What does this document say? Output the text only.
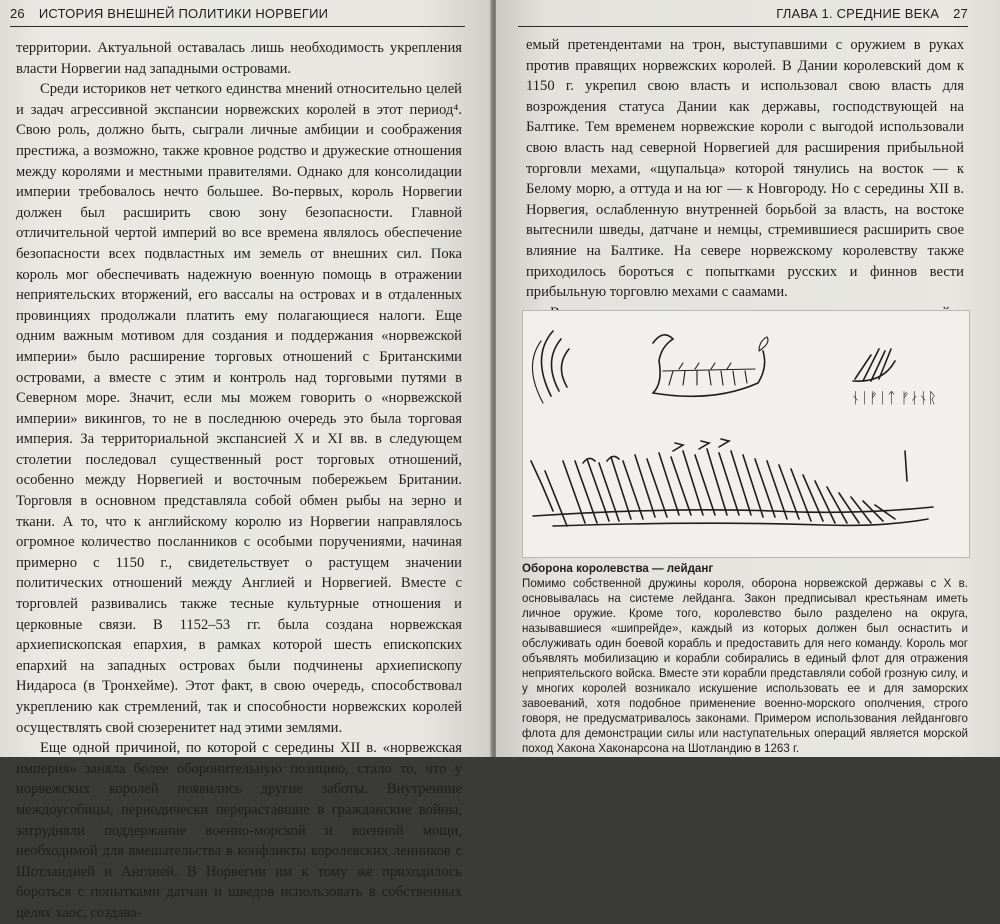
26 ИСТОРИЯ ВНЕШНЕЙ ПОЛИТИКИ НОРВЕГИИ

территории. Актуальной оставалась лишь необходимость укрепления власти Норвегии над западными островами.

Среди историков нет четкого единства мнений относительно целей и задач агрессивной экспансии норвежских королей в этот период⁴. Свою роль, должно быть, сыграли личные амбиции и соображения престижа, а возможно, также кровное родство и дружеские отношения между королями и местными правителями. Однако для консолидации империи требовалось нечто большее. Во-первых, король Норвегии должен был расширить свою зону безопасности. Главной отличительной чертой империй во все времена являлось обеспечение безопасности всех подвластных им земель от внешних сил. Пока король мог обеспечивать надежную военную помощь в отражении неприятельских вторжений, его вассалы на островах и в отдаленных провинциях продолжали платить ему полагающиеся налоги. Еще одним важным мотивом для создания и поддержания «норвежской империи» было расширение торговых отношений с Британскими островами, а вместе с этим и контроль над торговыми путями в Северном море. Значит, если мы можем говорить о «норвежской империи» викингов, то не в последнюю очередь это была торговая империя. За территориальной экспансией X и XI вв. в следующем столетии последовал существенный рост торговых отношений, особенно между Норвегией и восточным побережьем Британии. Торговля в основном представляла собой обмен рыбы на зерно и ткани. А то, что к английскому королю из Норвегии направлялось огромное количество посланников с особыми поручениями, начиная примерно с 1150 г., свидетельствует о растущем значении политических отношений между Англией и Норвегией. Вместе с торговлей развивались также тесные культурные отношения и церковные связи. В 1152–53 гг. была создана норвежская архиепископская епархия, в рамках которой шесть епископских епархий на западных островах были подчинены архиепископу Нидароса (в Тронхейме). Этот факт, в свою очередь, способствовал укреплению как стремлений, так и способности норвежских королей осуществлять свой сюзеренитет над этими землями.

Еще одной причиной, по которой с середины XII в. «норвежская империя» заняла более оборонительную позицию, стало то, что у норвежских королей появились другие заботы. Внутренние междоусобицы, периодически перераставшие в гражданские войны, затрудняли поддержание военно-морской и военной мощи, необходимой для вмешательства в конфликты королевских ленников с Шотландией и Англией. В Норвегии им к тому же приходилось бороться с попытками датчан и шведов использовать в собственных целях хаос, создава-

ГЛАВА 1. СРЕДНИЕ ВЕКА 27

емый претендентами на трон, выступавшими с оружием в руках против правящих норвежских королей. В Дании королевский дом к 1150 г. укрепил свою власть и использовал свою власть для возрождения статуса Дании как державы, господствующей на Балтике. Тем временем норвежские короли с выгодой использовали свою власть над северной Норвегией для расширения прибыльной торговли мехами, «щупальца» которой тянулись на восток — к Белому морю, а оттуда и на юг — к Новгороду. Но с середины XII в. Норвегия, ослабленную внутренней борьбой за власть, на востоке вытеснили шведы, датчане и немцы, стремившиеся расширить свое влияние на Балтике. На севере норвежскому королевству также приходилось бороться с попытками русских и финнов вести прибыльную торговлю мехами с саамами.

ᚾᛁᚠᛁᛏ ᚠᛅᚾᚱ
Оборона королевства — лейданг
Помимо собственной дружины короля, оборона норвежской державы с X в. основывалась на системе лейданга. Закон предписывал крестьянам иметь личное оружие. Кроме того, королевство было разделено на округа, называвшиеся «шипрейде», каждый из которых должен был оснастить и обслуживать один боевой корабль и предоставить для него команду. Король мог объявлять мобилизацию и корабли собирались в единый флот для отражения неприятельского войска. Вместе эти корабли представляли собой грозную силу, и у многих королей возникало искушение использовать ее и для заморских завоеваний, хотя подобное применение военно-морского ополчения, строго говоря, не предусматривалось законами. Примером использования лейданговго флота для демонстрации силы или наступательных операций является морской поход Хакона Хаконарсона на Шотландию в 1263 г.
